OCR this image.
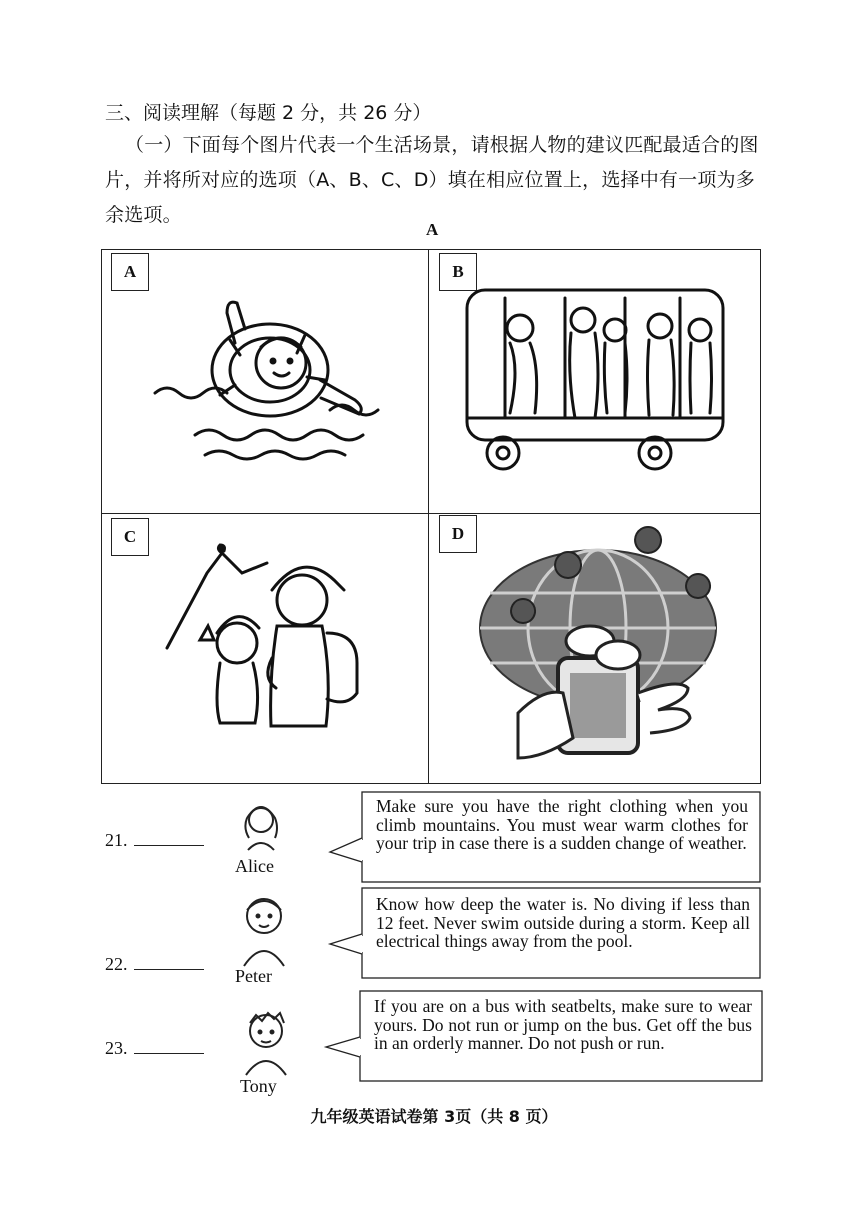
三、阅读理解（每题 2 分，共 26 分）
（一）下面每个图片代表一个生活场景，请根据人物的建议匹配最适合的图片，并将所对应的选项（A、B、C、D）填在相应位置上，选择中有一项为多余选项。
A
A	B
C	D
21.
Alice
Make sure you have the right clothing when you climb mountains. You must wear warm clothes for your trip in case there is a sudden change of weather.
22.
Peter
Know how deep the water is. No diving if less than 12 feet. Never swim outside during a storm. Keep all electrical things away from the pool.
23.
Tony
If you are on a bus with seatbelts, make sure to wear yours. Do not run or jump on the bus. Get off the bus in an orderly manner. Do not push or run.
九年级英语试卷第 3页（共 8 页）
